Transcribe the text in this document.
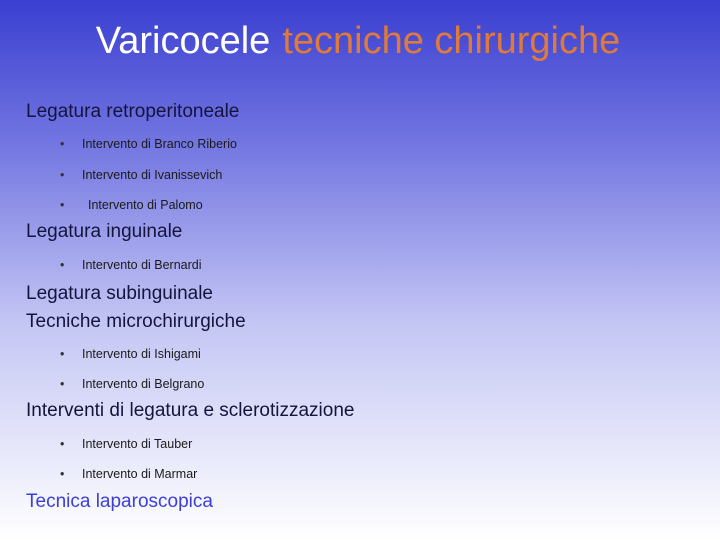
Varicocele tecniche chirurgiche
Legatura retroperitoneale
• Intervento di Branco Riberio
• Intervento di Ivanissevich
• Intervento di Palomo
Legatura inguinale
• Intervento di Bernardi
Legatura subinguinale
Tecniche microchirurgiche
• Intervento di Ishigami
• Intervento di Belgrano
Interventi di legatura e sclerotizzazione
• Intervento di Tauber
• Intervento di Marmar
Tecnica laparoscopica
